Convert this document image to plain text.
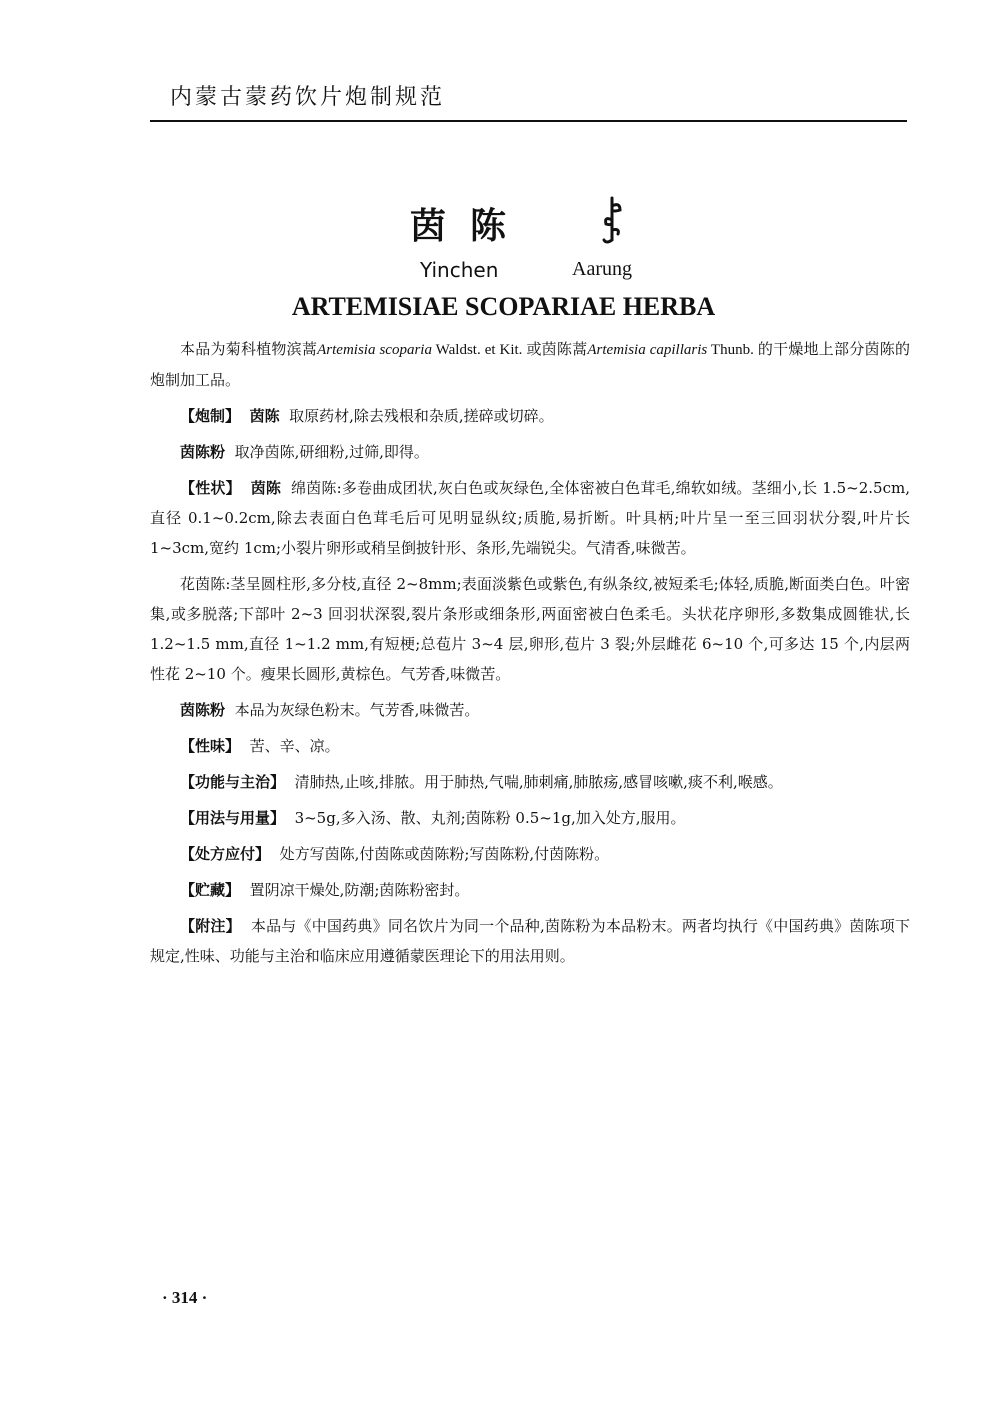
内蒙古蒙药饮片炮制规范
茵陈
Yinchen	Aarung
ARTEMISIAE SCOPARIAE HERBA

本品为菊科植物滨蒿Artemisia scoparia Waldst. et Kit. 或茵陈蒿Artemisia capillaris Thunb. 的干燥地上部分茵陈的炮制加工品。

【炮制】 茵陈 取原药材,除去残根和杂质,搓碎或切碎。

茵陈粉 取净茵陈,研细粉,过筛,即得。

【性状】 茵陈 绵茵陈:多卷曲成团状,灰白色或灰绿色,全体密被白色茸毛,绵软如绒。茎细小,长 1.5~2.5cm,直径 0.1~0.2cm,除去表面白色茸毛后可见明显纵纹;质脆,易折断。叶具柄;叶片呈一至三回羽状分裂,叶片长 1~3cm,宽约 1cm;小裂片卵形或稍呈倒披针形、条形,先端锐尖。气清香,味微苦。

花茵陈:茎呈圆柱形,多分枝,直径 2~8mm;表面淡紫色或紫色,有纵条纹,被短柔毛;体轻,质脆,断面类白色。叶密集,或多脱落;下部叶 2~3 回羽状深裂,裂片条形或细条形,两面密被白色柔毛。头状花序卵形,多数集成圆锥状,长 1.2~1.5 mm,直径 1~1.2 mm,有短梗;总苞片 3~4 层,卵形,苞片 3 裂;外层雌花 6~10 个,可多达 15 个,内层两性花 2~10 个。瘦果长圆形,黄棕色。气芳香,味微苦。

茵陈粉 本品为灰绿色粉末。气芳香,味微苦。

【性味】 苦、辛、凉。

【功能与主治】 清肺热,止咳,排脓。用于肺热,气喘,肺刺痛,肺脓疡,感冒咳嗽,痰不利,喉感。

【用法与用量】 3~5g,多入汤、散、丸剂;茵陈粉 0.5~1g,加入处方,服用。

【处方应付】 处方写茵陈,付茵陈或茵陈粉;写茵陈粉,付茵陈粉。

【贮藏】 置阴凉干燥处,防潮;茵陈粉密封。

【附注】 本品与《中国药典》同名饮片为同一个品种,茵陈粉为本品粉末。两者均执行《中国药典》茵陈项下规定,性味、功能与主治和临床应用遵循蒙医理论下的用法用则。

· 314 ·
